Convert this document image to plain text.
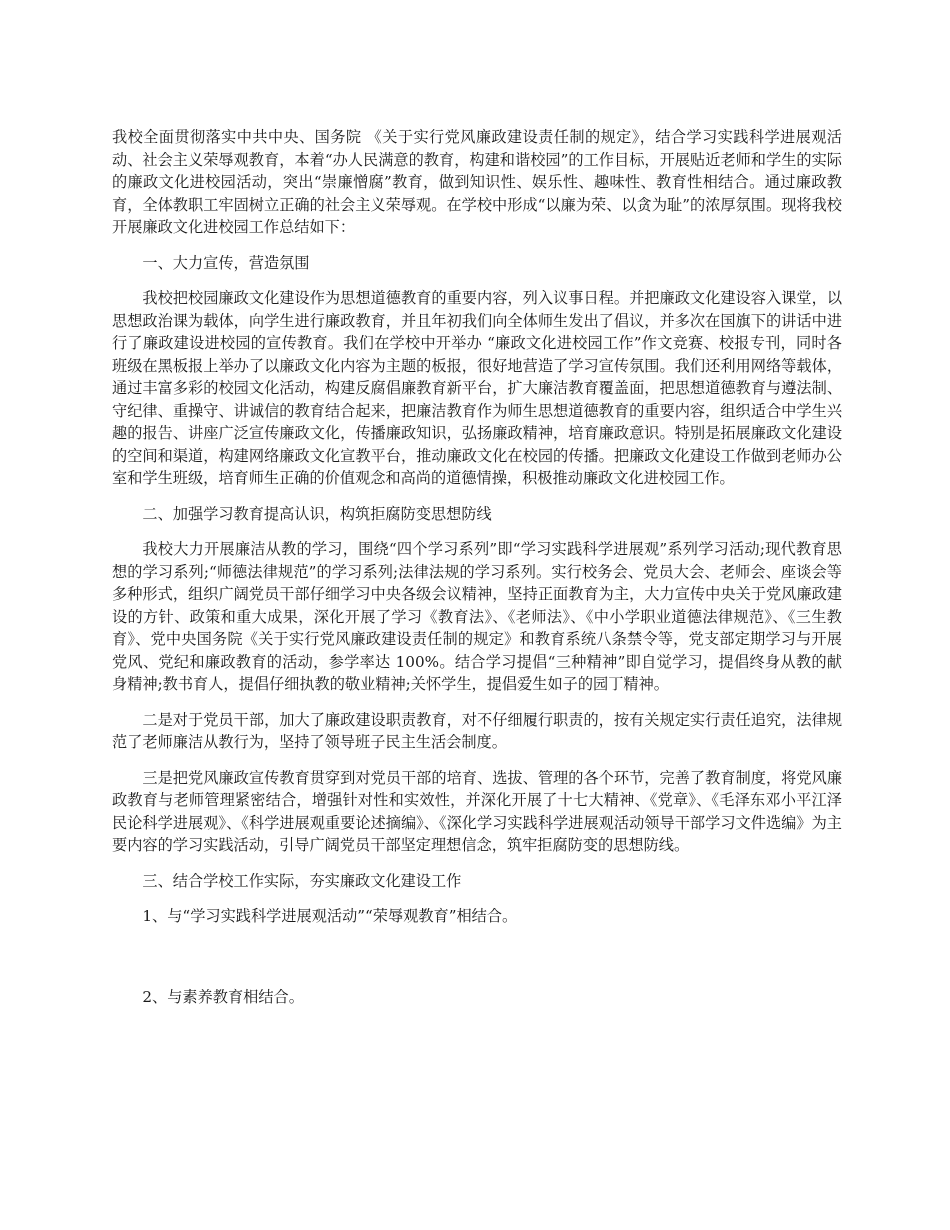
我校全面贯彻落实中共中央、国务院 《关于实行党风廉政建设责任制的规定》，结合学习实践科学进展观活动、社会主义荣辱观教育，本着“办人民满意的教育，构建和谐校园”的工作目标，开展贴近老师和学生的实际的廉政文化进校园活动，突出“崇廉憎腐”教育，做到知识性、娱乐性、趣味性、教育性相结合。通过廉政教育，全体教职工牢固树立正确的社会主义荣辱观。在学校中形成“以廉为荣、以贪为耻”的浓厚氛围。现将我校开展廉政文化进校园工作总结如下：

一、大力宣传，营造氛围

我校把校园廉政文化建设作为思想道德教育的重要内容，列入议事日程。并把廉政文化建设容入课堂，以思想政治课为载体，向学生进行廉政教育，并且年初我们向全体师生发出了倡议，并多次在国旗下的讲话中进行了廉政建设进校园的宣传教育。我们在学校中开举办 “廉政文化进校园工作”作文竞赛、校报专刊，同时各班级在黑板报上举办了以廉政文化内容为主题的板报，很好地营造了学习宣传氛围。我们还利用网络等载体，通过丰富多彩的校园文化活动，构建反腐倡廉教育新平台，扩大廉洁教育覆盖面，把思想道德教育与遵法制、守纪律、重操守、讲诚信的教育结合起来，把廉洁教育作为师生思想道德教育的重要内容，组织适合中学生兴趣的报告、讲座广泛宣传廉政文化，传播廉政知识，弘扬廉政精神，培育廉政意识。特别是拓展廉政文化建设的空间和渠道，构建网络廉政文化宣教平台，推动廉政文化在校园的传播。把廉政文化建设工作做到老师办公室和学生班级，培育师生正确的价值观念和高尚的道德情操，积极推动廉政文化进校园工作。

二、加强学习教育提高认识，构筑拒腐防变思想防线

我校大力开展廉洁从教的学习，围绕“四个学习系列”即“学习实践科学进展观”系列学习活动;现代教育思想的学习系列;“师德法律规范”的学习系列;法律法规的学习系列。实行校务会、党员大会、老师会、座谈会等多种形式，组织广阔党员干部仔细学习中央各级会议精神，坚持正面教育为主，大力宣传中央关于党风廉政建设的方针、政策和重大成果，深化开展了学习《教育法》、《老师法》、《中小学职业道德法律规范》、《三生教育》、党中央国务院《关于实行党风廉政建设责任制的规定》和教育系统八条禁令等，党支部定期学习与开展党风、党纪和廉政教育的活动，参学率达 100%。结合学习提倡“三种精神”即自觉学习，提倡终身从教的献身精神;教书育人，提倡仔细执教的敬业精神;关怀学生，提倡爱生如子的园丁精神。

二是对于党员干部，加大了廉政建设职责教育，对不仔细履行职责的，按有关规定实行责任追究，法律规范了老师廉洁从教行为，坚持了领导班子民主生活会制度。

三是把党风廉政宣传教育贯穿到对党员干部的培育、选拔、管理的各个环节，完善了教育制度，将党风廉政教育与老师管理紧密结合，增强针对性和实效性，并深化开展了十七大精神、《党章》、《毛泽东邓小平江泽民论科学进展观》、《科学进展观重要论述摘编》、《深化学习实践科学进展观活动领导干部学习文件选编》为主要内容的学习实践活动，引导广阔党员干部坚定理想信念，筑牢拒腐防变的思想防线。

三、结合学校工作实际，夯实廉政文化建设工作

1、与“学习实践科学进展观活动”“荣辱观教育”相结合。

2、与素养教育相结合。
